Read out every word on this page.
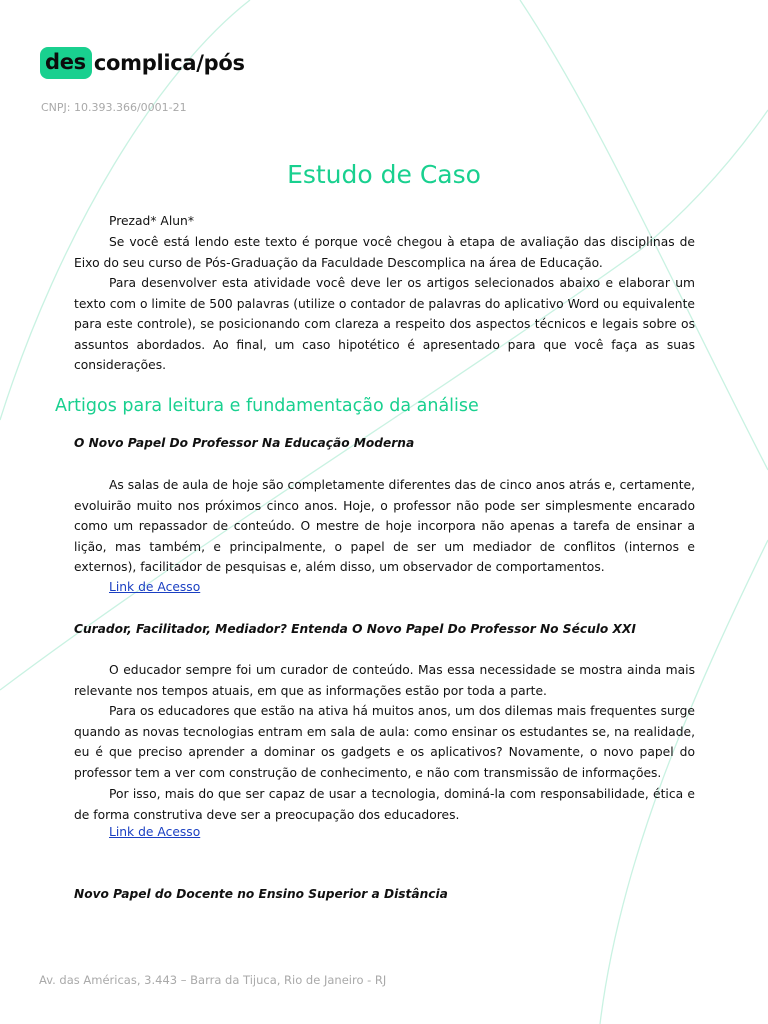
des complica/pós
CNPJ: 10.393.366/0001-21
Estudo de Caso

Prezad* Alun*

Se você está lendo este texto é porque você chegou à etapa de avaliação das disciplinas de Eixo do seu curso de Pós-Graduação da Faculdade Descomplica na área de Educação.

Para desenvolver esta atividade você deve ler os artigos selecionados abaixo e elaborar um texto com o limite de 500 palavras (utilize o contador de palavras do aplicativo Word ou equivalente para este controle), se posicionando com clareza a respeito dos aspectos técnicos e legais sobre os assuntos abordados. Ao final, um caso hipotético é apresentado para que você faça as suas considerações.

Artigos para leitura e fundamentação da análise
O Novo Papel Do Professor Na Educação Moderna

As salas de aula de hoje são completamente diferentes das de cinco anos atrás e, certamente, evoluirão muito nos próximos cinco anos. Hoje, o professor não pode ser simplesmente encarado como um repassador de conteúdo. O mestre de hoje incorpora não apenas a tarefa de ensinar a lição, mas também, e principalmente, o papel de ser um mediador de conflitos (internos e externos), facilitador de pesquisas e, além disso, um observador de comportamentos.

Link de Acesso
Curador, Facilitador, Mediador? Entenda O Novo Papel Do Professor No Século XXI

O educador sempre foi um curador de conteúdo. Mas essa necessidade se mostra ainda mais relevante nos tempos atuais, em que as informações estão por toda a parte.

Para os educadores que estão na ativa há muitos anos, um dos dilemas mais frequentes surge quando as novas tecnologias entram em sala de aula: como ensinar os estudantes se, na realidade, eu é que preciso aprender a dominar os gadgets e os aplicativos? Novamente, o novo papel do professor tem a ver com construção de conhecimento, e não com transmissão de informações.

Por isso, mais do que ser capaz de usar a tecnologia, dominá-la com responsabilidade, ética e de forma construtiva deve ser a preocupação dos educadores.

Link de Acesso
Novo Papel do Docente no Ensino Superior a Distância
Av. das Américas, 3.443 – Barra da Tijuca, Rio de Janeiro - RJ
